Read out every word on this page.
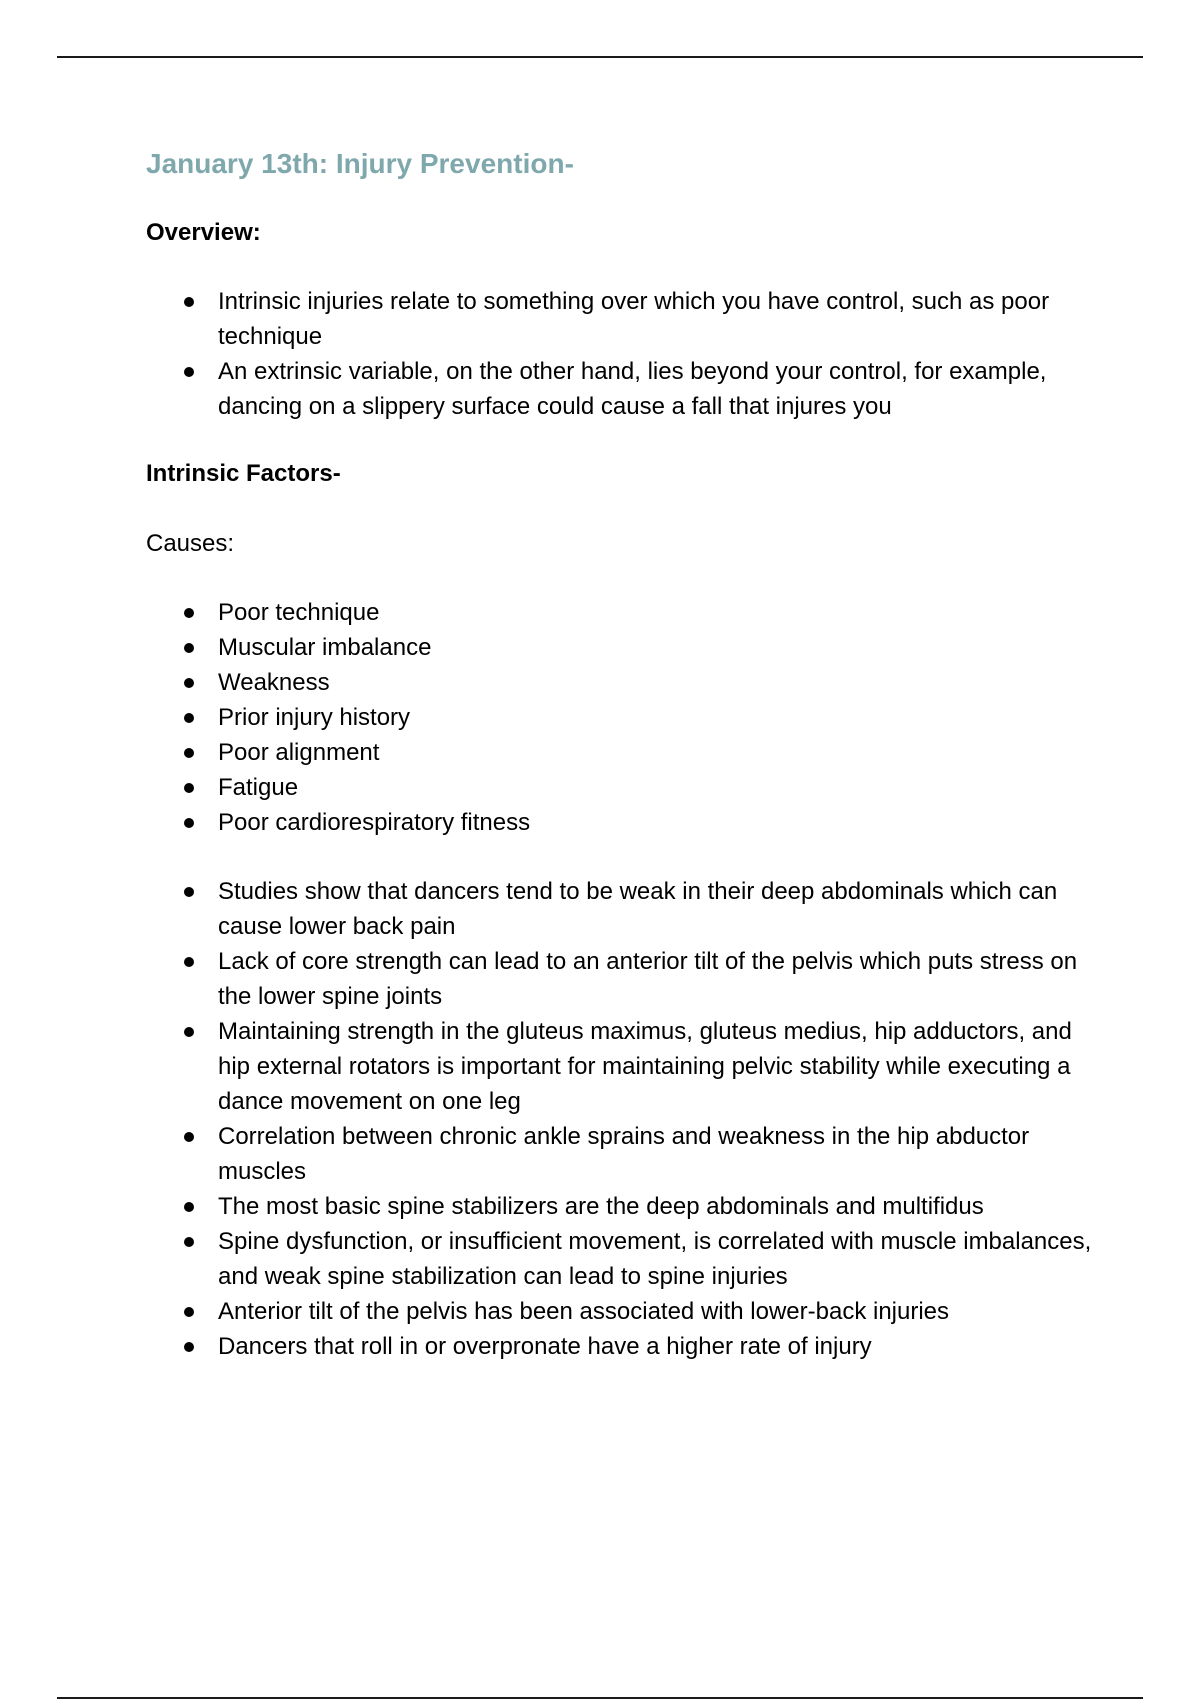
January 13th: Injury Prevention-
Overview:
Intrinsic injuries relate to something over which you have control, such as poor technique
An extrinsic variable, on the other hand, lies beyond your control, for example, dancing on a slippery surface could cause a fall that injures you
Intrinsic Factors-

Causes:

Poor technique
Muscular imbalance
Weakness
Prior injury history
Poor alignment
Fatigue
Poor cardiorespiratory fitness
Studies show that dancers tend to be weak in their deep abdominals which can cause lower back pain
Lack of core strength can lead to an anterior tilt of the pelvis which puts stress on the lower spine joints
Maintaining strength in the gluteus maximus, gluteus medius, hip adductors, and hip external rotators is important for maintaining pelvic stability while executing a dance movement on one leg
Correlation between chronic ankle sprains and weakness in the hip abductor muscles
The most basic spine stabilizers are the deep abdominals and multifidus
Spine dysfunction, or insufficient movement, is correlated with muscle imbalances, and weak spine stabilization can lead to spine injuries
Anterior tilt of the pelvis has been associated with lower-back injuries
Dancers that roll in or overpronate have a higher rate of injury
